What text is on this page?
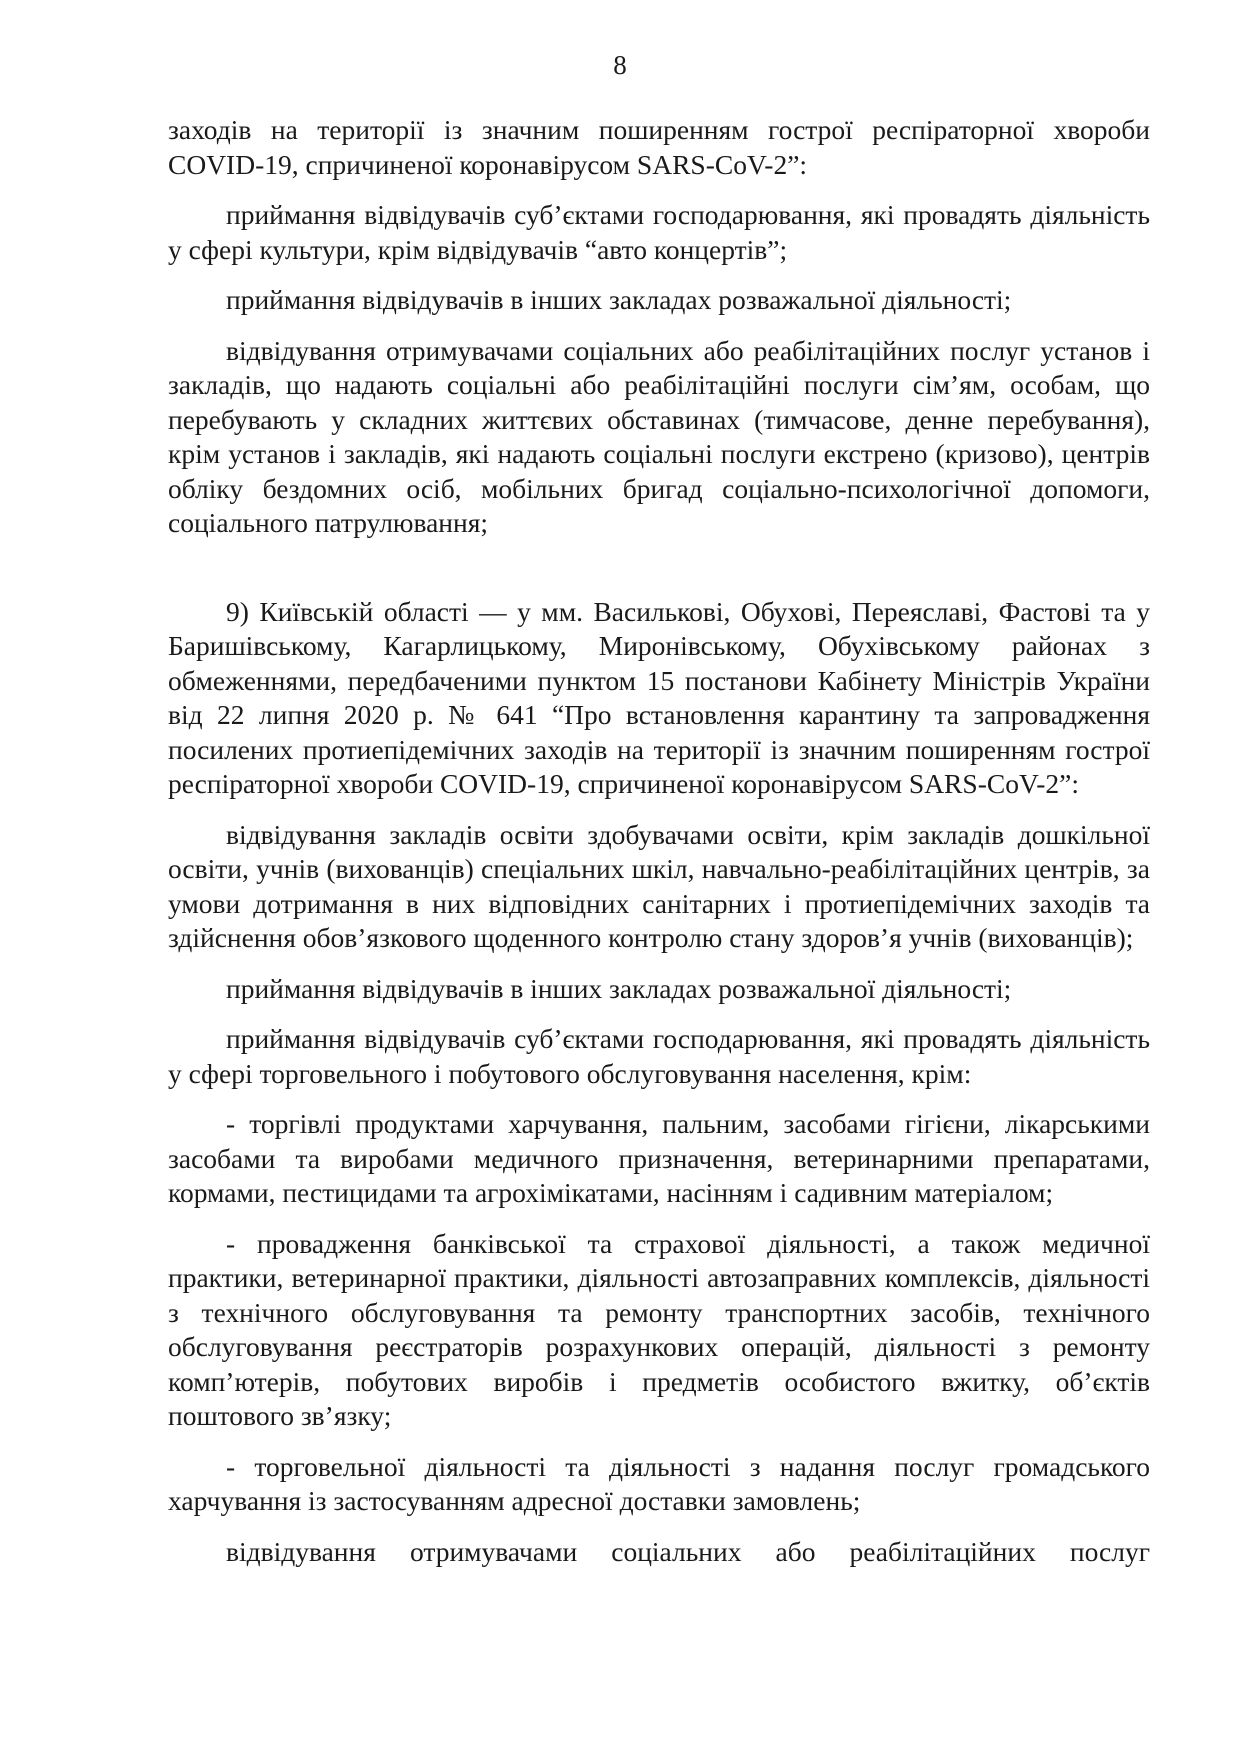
8

заходів на території із значним поширенням гострої респіраторної хвороби COVID-19, спричиненої коронавірусом SARS-CoV-2”:

приймання відвідувачів суб’єктами господарювання, які провадять діяльність у сфері культури, крім відвідувачів “авто концертів”;

приймання відвідувачів в інших закладах розважальної діяльності;

відвідування отримувачами соціальних або реабілітаційних послуг установ і закладів, що надають соціальні або реабілітаційні послуги сім’ям, особам, що перебувають у складних життєвих обставинах (тимчасове, денне перебування), крім установ і закладів, які надають соціальні послуги екстрено (кризово), центрів обліку бездомних осіб, мобільних бригад соціально-психологічної допомоги, соціального патрулювання;

9) Київській області — у мм. Василькові, Обухові, Переяславі, Фастові та у Баришівському, Кагарлицькому, Миронівському, Обухівському районах з обмеженнями, передбаченими пунктом 15 постанови Кабінету Міністрів України від 22 липня 2020 р. № 641 “Про встановлення карантину та запровадження посилених протиепідемічних заходів на території із значним поширенням гострої респіраторної хвороби COVID-19, спричиненої коронавірусом SARS-CoV-2”:

відвідування закладів освіти здобувачами освіти, крім закладів дошкільної освіти, учнів (вихованців) спеціальних шкіл, навчально-реабілітаційних центрів, за умови дотримання в них відповідних санітарних і протиепідемічних заходів та здійснення обов’язкового щоденного контролю стану здоров’я учнів (вихованців);

приймання відвідувачів в інших закладах розважальної діяльності;

приймання відвідувачів суб’єктами господарювання, які провадять діяльність у сфері торговельного і побутового обслуговування населення, крім:

- торгівлі продуктами харчування, пальним, засобами гігієни, лікарськими засобами та виробами медичного призначення, ветеринарними препаратами, кормами, пестицидами та агрохімікатами, насінням і садивним матеріалом;

- провадження банківської та страхової діяльності, а також медичної практики, ветеринарної практики, діяльності автозаправних комплексів, діяльності з технічного обслуговування та ремонту транспортних засобів, технічного обслуговування реєстраторів розрахункових операцій, діяльності з ремонту комп’ютерів, побутових виробів і предметів особистого вжитку, об’єктів поштового зв’язку;

- торговельної діяльності та діяльності з надання послуг громадського харчування із застосуванням адресної доставки замовлень;

відвідування отримувачами соціальних або реабілітаційних послуг
